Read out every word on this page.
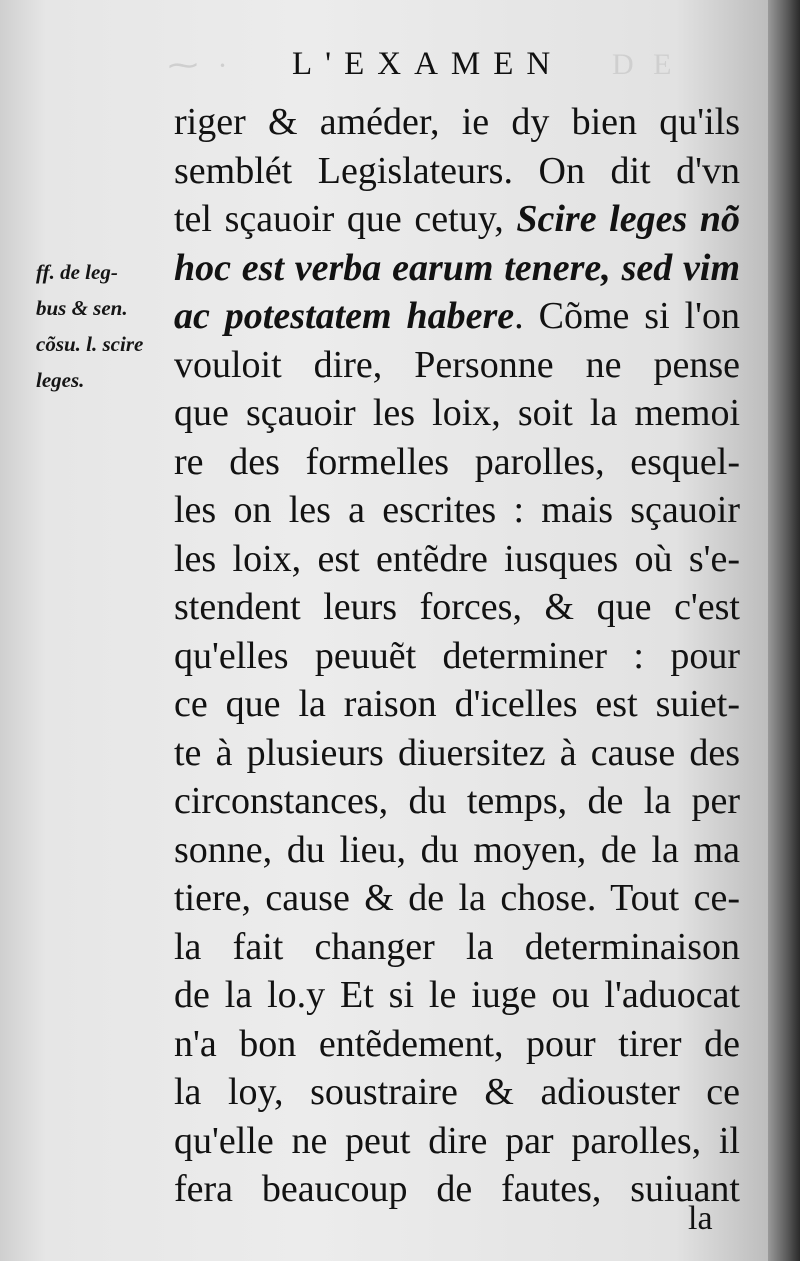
⁓ ·	D E
L'EXAMEN
ff. de leg-
bus & sen.
cõsu. l. scire
leges.
riger & améder, ie dy bien qu'ils
semblét Legislateurs. On dit d'vn
tel sçauoir que cetuy, Scire leges nõ
hoc est verba earum tenere, sed vim
ac potestatem habere. Cõme si l'on
vouloit dire, Personne ne pense
que sçauoir les loix, soit la memoi
re des formelles parolles, esquel-
les on les a escrites : mais sçauoir
les loix, est entẽdre iusques où s'e-
stendent leurs forces, & que c'est
qu'elles peuuẽt determiner : pour
ce que la raison d'icelles est suiet-
te à plusieurs diuersitez à cause des
circonstances, du temps, de la per
sonne, du lieu, du moyen, de la ma
tiere, cause & de la chose. Tout ce-
la fait changer la determinaison
de la lo.y Et si le iuge ou l'aduocat
n'a bon entẽdement, pour tirer de
la loy, soustraire & adiouster ce
qu'elle ne peut dire par parolles, il
fera beaucoup de fautes, suiuant
la
